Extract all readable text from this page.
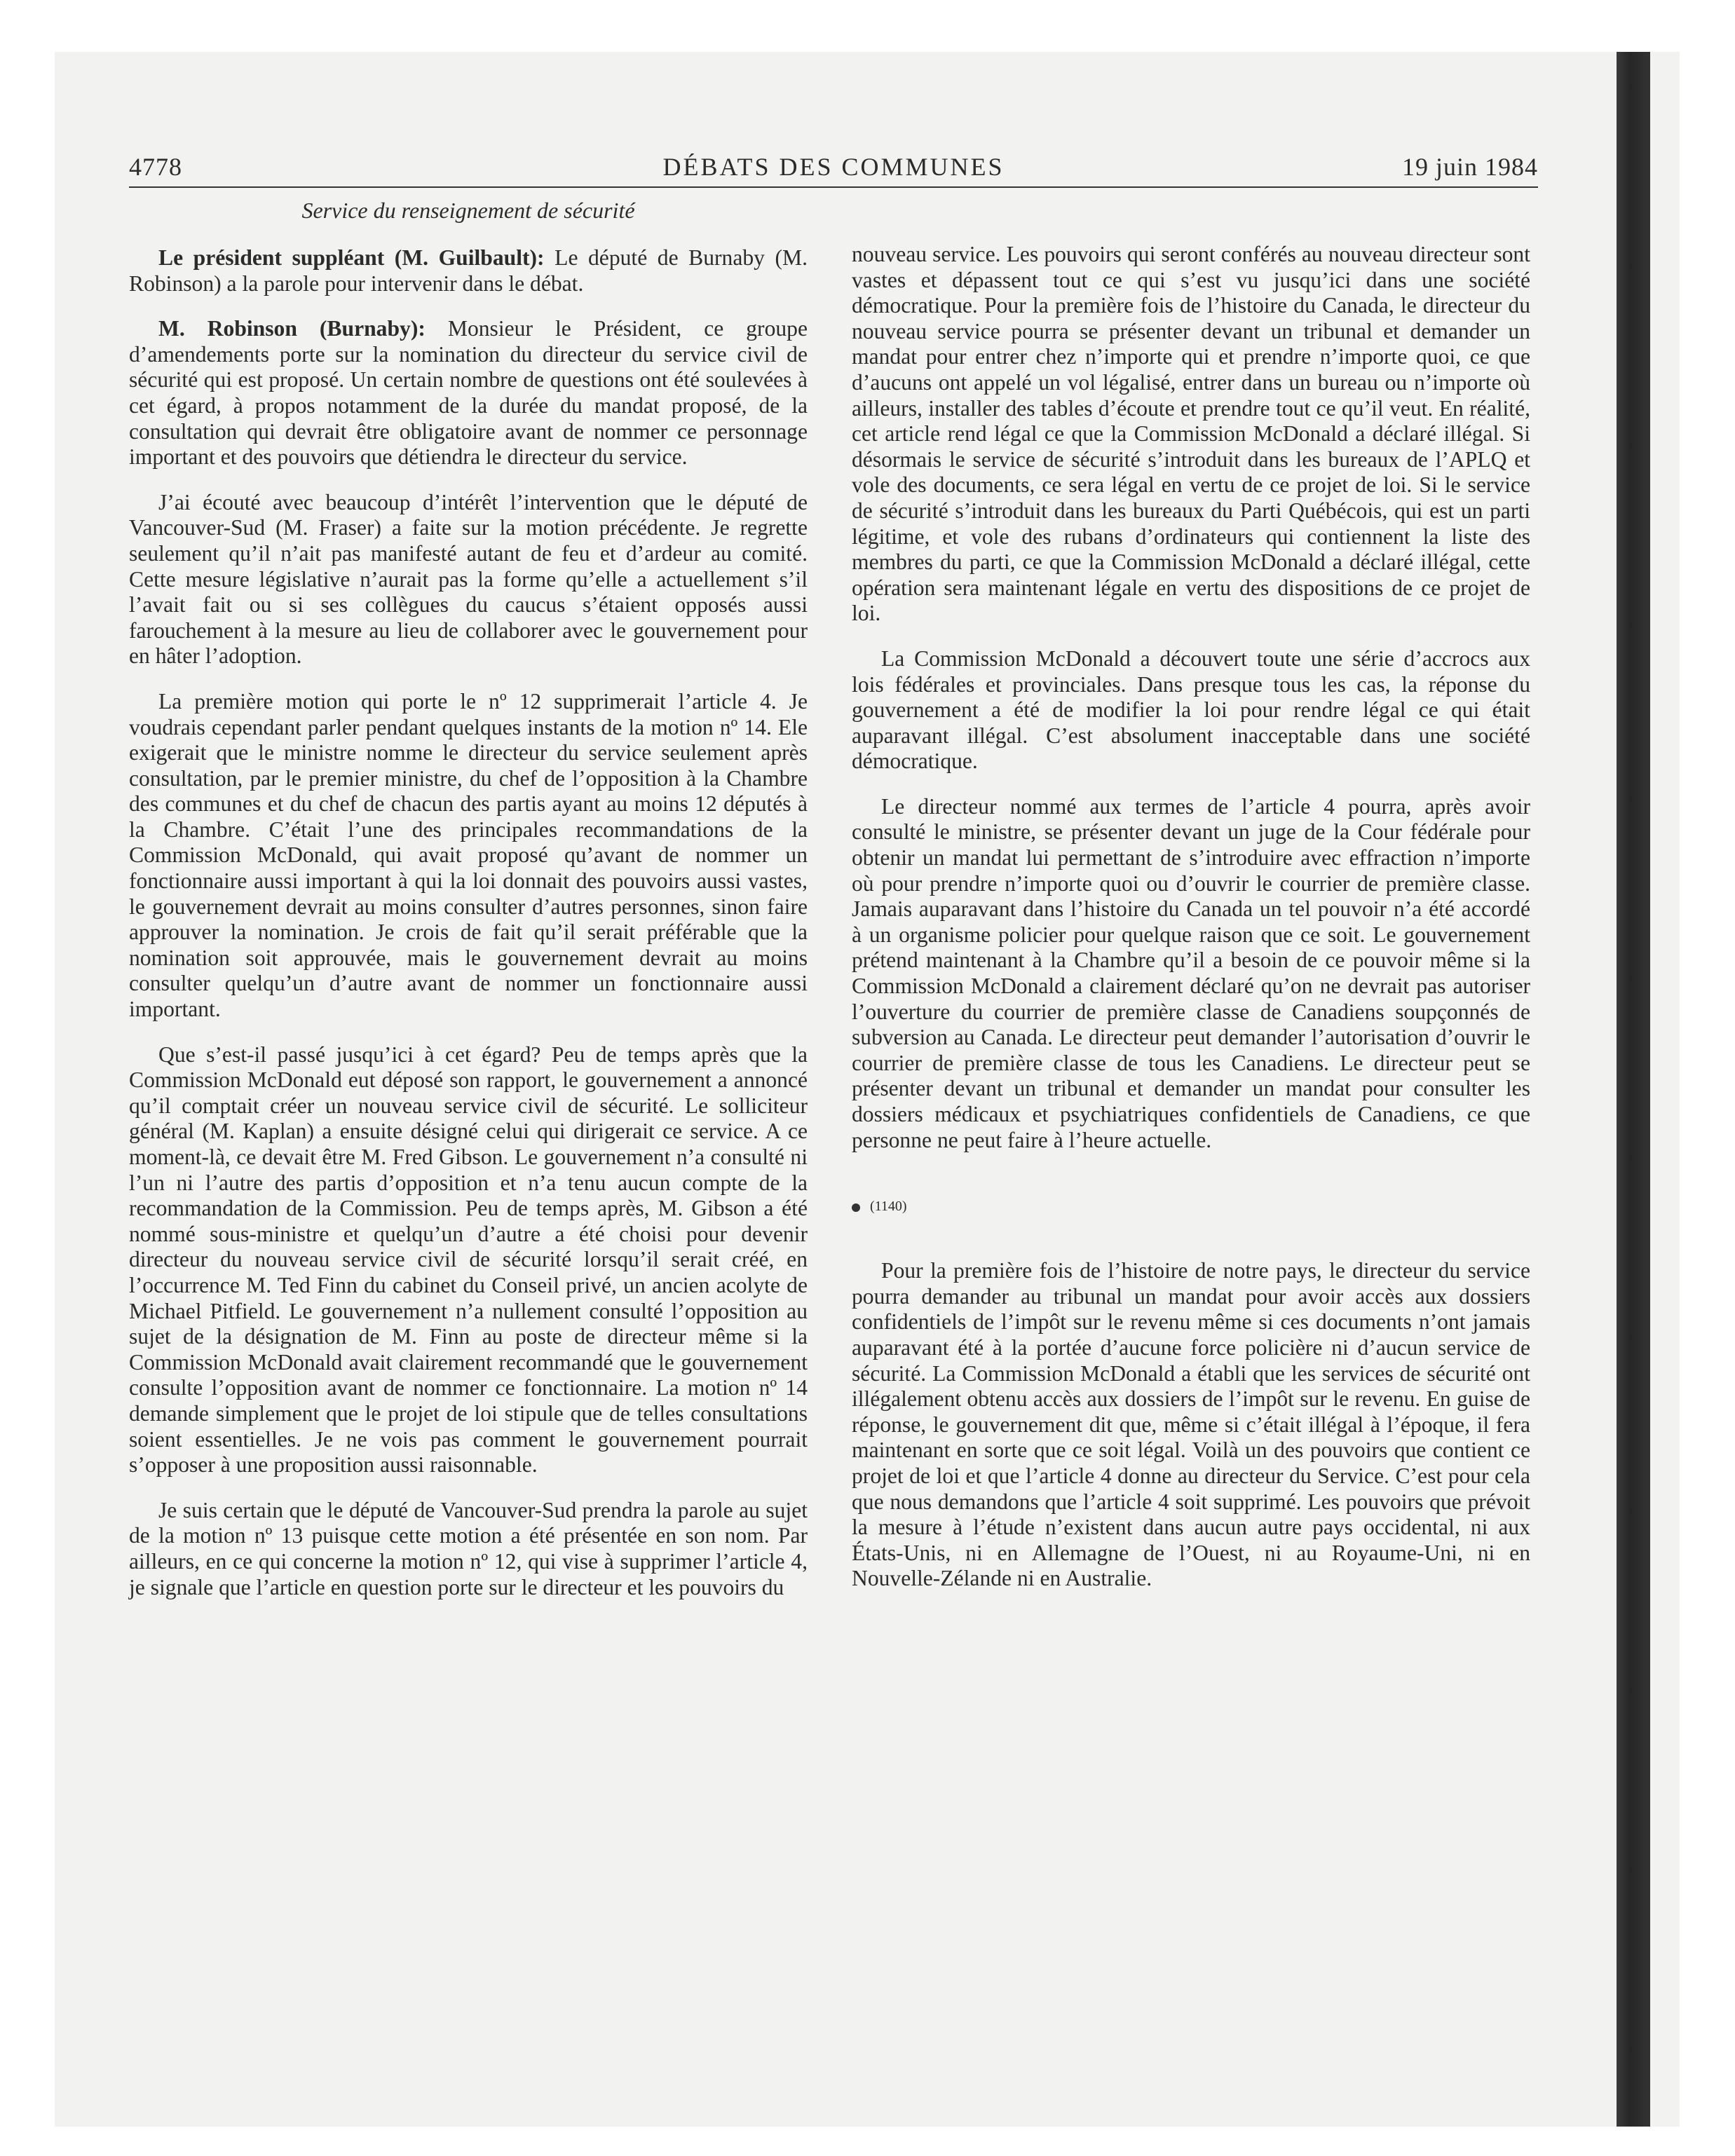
4778	DÉBATS DES COMMUNES	19 juin 1984
Service du renseignement de sécurité

Le président suppléant (M. Guilbault): Le député de Burnaby (M. Robinson) a la parole pour intervenir dans le débat.

M. Robinson (Burnaby): Monsieur le Président, ce groupe d’amendements porte sur la nomination du directeur du service civil de sécurité qui est proposé. Un certain nombre de questions ont été soulevées à cet égard, à propos notamment de la durée du mandat proposé, de la consultation qui devrait être obligatoire avant de nommer ce personnage important et des pouvoirs que détiendra le directeur du service.

J’ai écouté avec beaucoup d’intérêt l’intervention que le député de Vancouver-Sud (M. Fraser) a faite sur la motion précédente. Je regrette seulement qu’il n’ait pas manifesté autant de feu et d’ardeur au comité. Cette mesure législative n’aurait pas la forme qu’elle a actuellement s’il l’avait fait ou si ses collègues du caucus s’étaient opposés aussi farouchement à la mesure au lieu de collaborer avec le gouvernement pour en hâter l’adoption.

La première motion qui porte le nº 12 supprimerait l’article 4. Je voudrais cependant parler pendant quelques instants de la motion nº 14. Ele exigerait que le ministre nomme le directeur du service seulement après consultation, par le premier ministre, du chef de l’opposition à la Chambre des communes et du chef de chacun des partis ayant au moins 12 députés à la Chambre. C’était l’une des principales recommandations de la Commission McDonald, qui avait proposé qu’avant de nommer un fonctionnaire aussi important à qui la loi donnait des pouvoirs aussi vastes, le gouvernement devrait au moins consulter d’autres personnes, sinon faire approuver la nomination. Je crois de fait qu’il serait préférable que la nomination soit approuvée, mais le gouvernement devrait au moins consulter quelqu’un d’autre avant de nommer un fonctionnaire aussi important.

Que s’est-il passé jusqu’ici à cet égard? Peu de temps après que la Commission McDonald eut déposé son rapport, le gouvernement a annoncé qu’il comptait créer un nouveau service civil de sécurité. Le solliciteur général (M. Kaplan) a ensuite désigné celui qui dirigerait ce service. A ce moment-là, ce devait être M. Fred Gibson. Le gouvernement n’a consulté ni l’un ni l’autre des partis d’opposition et n’a tenu aucun compte de la recommandation de la Commission. Peu de temps après, M. Gibson a été nommé sous-ministre et quelqu’un d’autre a été choisi pour devenir directeur du nouveau service civil de sécurité lorsqu’il serait créé, en l’occurrence M. Ted Finn du cabinet du Conseil privé, un ancien acolyte de Michael Pitfield. Le gouvernement n’a nullement consulté l’opposition au sujet de la désignation de M. Finn au poste de directeur même si la Commission McDonald avait clairement recommandé que le gouvernement consulte l’opposition avant de nommer ce fonctionnaire. La motion nº 14 demande simplement que le projet de loi stipule que de telles consultations soient essentielles. Je ne vois pas comment le gouvernement pourrait s’opposer à une proposition aussi raisonnable.

Je suis certain que le député de Vancouver-Sud prendra la parole au sujet de la motion nº 13 puisque cette motion a été présentée en son nom. Par ailleurs, en ce qui concerne la motion nº 12, qui vise à supprimer l’article 4, je signale que l’article en question porte sur le directeur et les pouvoirs du

nouveau service. Les pouvoirs qui seront conférés au nouveau directeur sont vastes et dépassent tout ce qui s’est vu jusqu’ici dans une société démocratique. Pour la première fois de l’histoire du Canada, le directeur du nouveau service pourra se présenter devant un tribunal et demander un mandat pour entrer chez n’importe qui et prendre n’importe quoi, ce que d’aucuns ont appelé un vol légalisé, entrer dans un bureau ou n’importe où ailleurs, installer des tables d’écoute et prendre tout ce qu’il veut. En réalité, cet article rend légal ce que la Commission McDonald a déclaré illégal. Si désormais le service de sécurité s’introduit dans les bureaux de l’APLQ et vole des documents, ce sera légal en vertu de ce projet de loi. Si le service de sécurité s’introduit dans les bureaux du Parti Québécois, qui est un parti légitime, et vole des rubans d’ordinateurs qui contiennent la liste des membres du parti, ce que la Commission McDonald a déclaré illégal, cette opération sera maintenant légale en vertu des dispositions de ce projet de loi.

La Commission McDonald a découvert toute une série d’accrocs aux lois fédérales et provinciales. Dans presque tous les cas, la réponse du gouvernement a été de modifier la loi pour rendre légal ce qui était auparavant illégal. C’est absolument inacceptable dans une société démocratique.

Le directeur nommé aux termes de l’article 4 pourra, après avoir consulté le ministre, se présenter devant un juge de la Cour fédérale pour obtenir un mandat lui permettant de s’introduire avec effraction n’importe où pour prendre n’importe quoi ou d’ouvrir le courrier de première classe. Jamais auparavant dans l’histoire du Canada un tel pouvoir n’a été accordé à un organisme policier pour quelque raison que ce soit. Le gouvernement prétend maintenant à la Chambre qu’il a besoin de ce pouvoir même si la Commission McDonald a clairement déclaré qu’on ne devrait pas autoriser l’ouverture du courrier de première classe de Canadiens soupçonnés de subversion au Canada. Le directeur peut demander l’autorisation d’ouvrir le courrier de première classe de tous les Canadiens. Le directeur peut se présenter devant un tribunal et demander un mandat pour consulter les dossiers médicaux et psychiatriques confidentiels de Canadiens, ce que personne ne peut faire à l’heure actuelle.

(1140)

Pour la première fois de l’histoire de notre pays, le directeur du service pourra demander au tribunal un mandat pour avoir accès aux dossiers confidentiels de l’impôt sur le revenu même si ces documents n’ont jamais auparavant été à la portée d’aucune force policière ni d’aucun service de sécurité. La Commission McDonald a établi que les services de sécurité ont illégalement obtenu accès aux dossiers de l’impôt sur le revenu. En guise de réponse, le gouvernement dit que, même si c’était illégal à l’époque, il fera maintenant en sorte que ce soit légal. Voilà un des pouvoirs que contient ce projet de loi et que l’article 4 donne au directeur du Service. C’est pour cela que nous demandons que l’article 4 soit supprimé. Les pouvoirs que prévoit la mesure à l’étude n’existent dans aucun autre pays occidental, ni aux États-Unis, ni en Allemagne de l’Ouest, ni au Royaume-Uni, ni en Nouvelle-Zélande ni en Australie.
